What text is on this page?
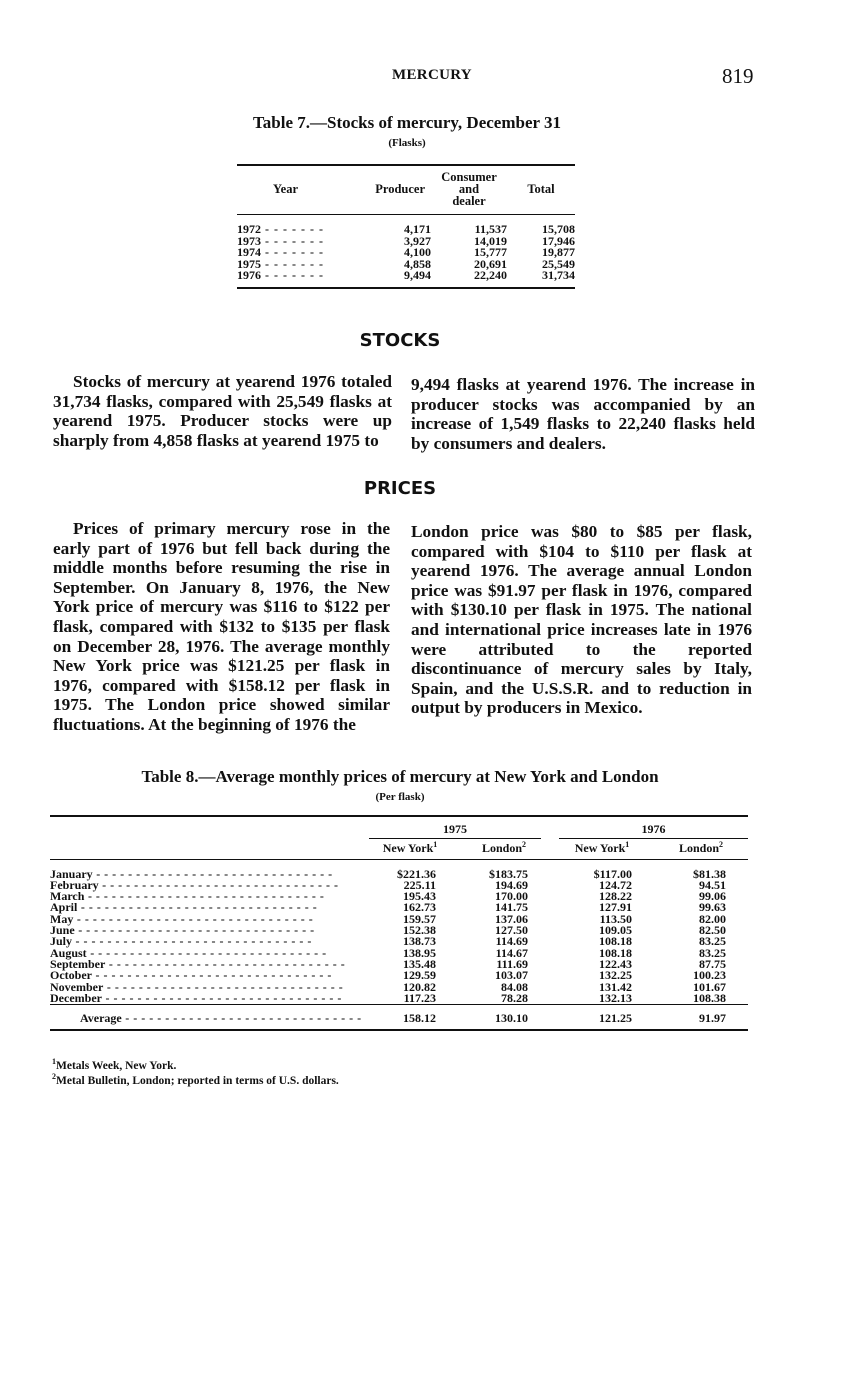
MERCURY	819
Table 7.—Stocks of mercury, December 31
(Flasks)
Year	Producer	Consumer
and
dealer	Total
1972 - - -	4,171	11,537	15,708
1973 - - -	3,927	14,019	17,946
1974 - - -	4,100	15,777	19,877
1975 - - -	4,858	20,691	25,549
1976 - - -	9,494	22,240	31,734
STOCKS
Stocks of mercury at yearend 1976 totaled 31,734 flasks, compared with 25,549 flasks at yearend 1975. Producer stocks were up sharply from 4,858 flasks at yearend 1975 to
9,494 flasks at yearend 1976. The increase in producer stocks was accompanied by an increase of 1,549 flasks to 22,240 flasks held by consumers and dealers.
PRICES
Prices of primary mercury rose in the early part of 1976 but fell back during the middle months before resuming the rise in September. On January 8, 1976, the New York price of mercury was $116 to $122 per flask, compared with $132 to $135 per flask on December 28, 1976. The average monthly New York price was $121.25 per flask in 1976, compared with $158.12 per flask in 1975. The London price showed similar fluctuations. At the beginning of 1976 the
London price was $80 to $85 per flask, compared with $104 to $110 per flask at yearend 1976. The average annual London price was $91.97 per flask in 1976, compared with $130.10 per flask in 1975. The national and international price increases late in 1976 were attributed to the reported discontinuance of mercury sales by Italy, Spain, and the U.S.S.R. and to reduction in output by producers in Mexico.
Table 8.—Average monthly prices of mercury at New York and London
(Per flask)

	1975		1976	
	New York$^1$	London$^2$	New York$^1$	London$^2$
January - - -	$221.36	$183.75	$117.00	$81.38
February - - -	225.11	194.69	124.72	94.51
March - - -	195.43	170.00	128.22	99.06
April - - -	162.73	141.75	127.91	99.63
May - - -	159.57	137.06	113.50	82.00
June - - -	152.38	127.50	109.05	82.50
July - - -	138.73	114.69	108.18	83.25
August - - -	138.95	114.67	108.18	83.25
September - - -	135.48	111.69	122.43	87.75
October - - -	129.59	103.07	132.25	100.23
November - - -	120.82	84.08	131.42	101.67
December - - -	117.23	78.28	132.13	108.38
Average - - -	158.12	130.10	121.25	91.97
$^1$Metals Week, New York.
$^2$Metal Bulletin, London; reported in terms of U.S. dollars.
